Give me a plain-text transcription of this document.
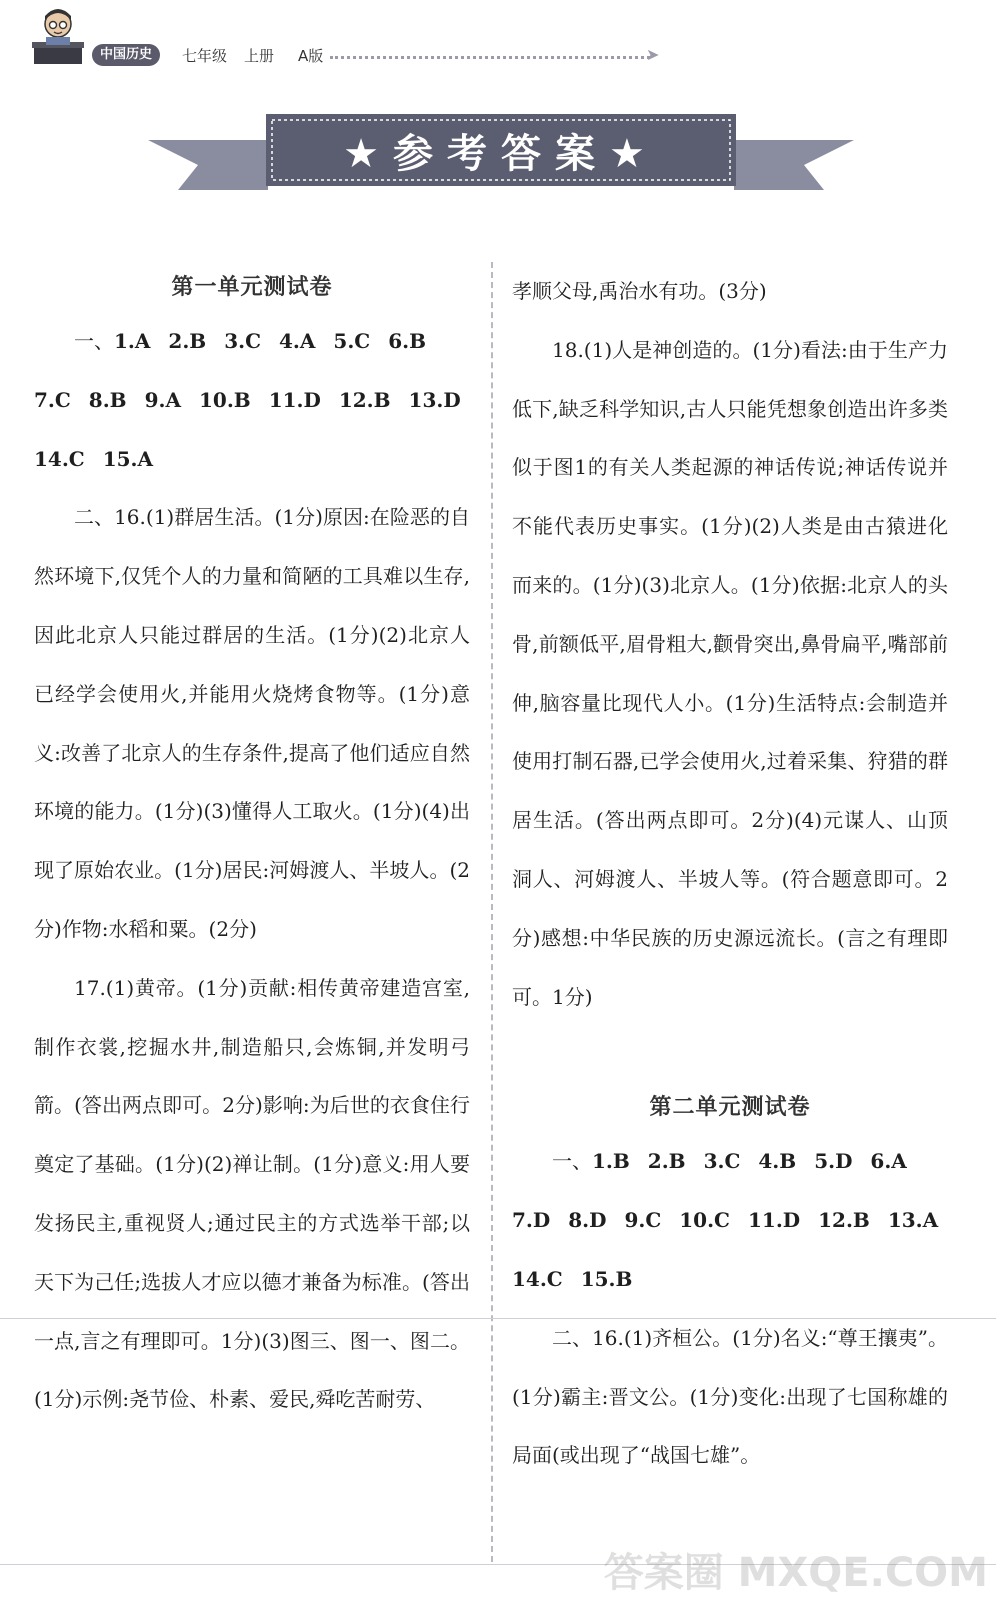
中国历史	七年级 上册 A版	➤
★参考答案★

第一单元测试卷

一、1.A 2.B 3.C 4.A 5.C 6.B
7.C 8.B 9.A 10.B 11.D 12.B 13.D
14.C 15.A

二、16.(1)群居生活。(1分)原因:在险恶的自然环境下,仅凭个人的力量和简陋的工具难以生存,因此北京人只能过群居的生活。(1分)(2)北京人已经学会使用火,并能用火烧烤食物等。(1分)意义:改善了北京人的生存条件,提高了他们适应自然环境的能力。(1分)(3)懂得人工取火。(1分)(4)出现了原始农业。(1分)居民:河姆渡人、半坡人。(2分)作物:水稻和粟。(2分)

17.(1)黄帝。(1分)贡献:相传黄帝建造宫室,制作衣裳,挖掘水井,制造船只,会炼铜,并发明弓箭。(答出两点即可。2分)影响:为后世的衣食住行奠定了基础。(1分)(2)禅让制。(1分)意义:用人要发扬民主,重视贤人;通过民主的方式选举干部;以天下为己任;选拔人才应以德才兼备为标准。(答出一点,言之有理即可。1分)(3)图三、图一、图二。(1分)示例:尧节俭、朴素、爱民,舜吃苦耐劳、

孝顺父母,禹治水有功。(3分)

18.(1)人是神创造的。(1分)看法:由于生产力低下,缺乏科学知识,古人只能凭想象创造出许多类似于图1的有关人类起源的神话传说;神话传说并不能代表历史事实。(1分)(2)人类是由古猿进化而来的。(1分)(3)北京人。(1分)依据:北京人的头骨,前额低平,眉骨粗大,颧骨突出,鼻骨扁平,嘴部前伸,脑容量比现代人小。(1分)生活特点:会制造并使用打制石器,已学会使用火,过着采集、狩猎的群居生活。(答出两点即可。2分)(4)元谋人、山顶洞人、河姆渡人、半坡人等。(符合题意即可。2分)感想:中华民族的历史源远流长。(言之有理即可。1分)

第二单元测试卷

一、1.B 2.B 3.C 4.B 5.D 6.A
7.D 8.D 9.C 10.C 11.D 12.B 13.A
14.C 15.B

二、16.(1)齐桓公。(1分)名义:“尊王攘夷”。(1分)霸主:晋文公。(1分)变化:出现了七国称雄的局面(或出现了“战国七雄”。

答案圈 MXQE.COM
